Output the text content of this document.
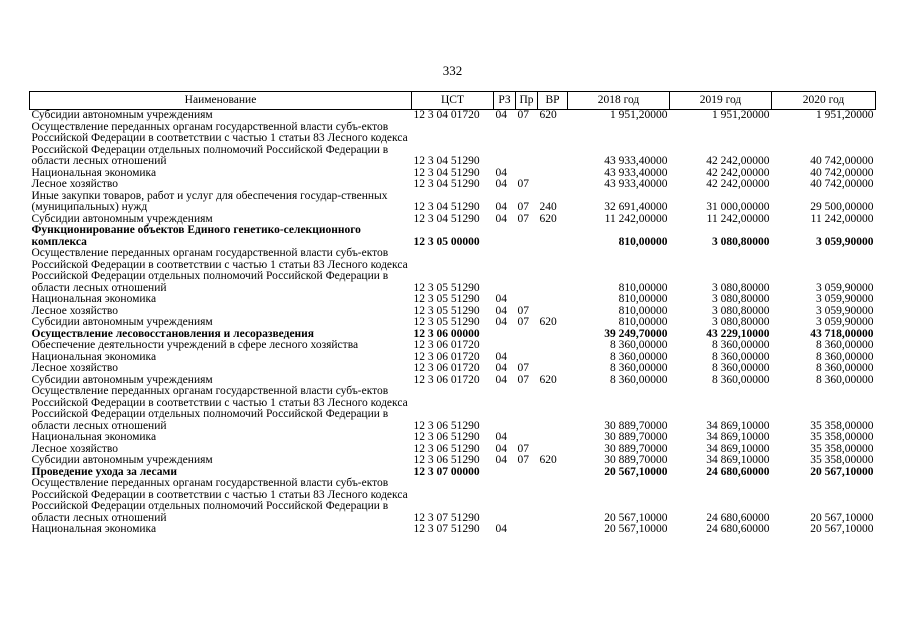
332
Наименование	ЦСТ	РЗ	Пр	ВР	2018 год	2019 год	2020 год
Субсидии автономным учреждениям	12 3 04 01720	04	07	620	1 951,20000	1 951,20000	1 951,20000
Осуществление переданных органам государственной власти субъ-ектов Российской Федерации в соответствии с частью 1 статьи 83 Лесного кодекса Российской Федерации отдельных полномочий Российской Федерации в области лесных отношений	12 3 04 51290				43 933,40000	42 242,00000	40 742,00000
Национальная экономика	12 3 04 51290	04			43 933,40000	42 242,00000	40 742,00000
Лесное хозяйство	12 3 04 51290	04	07		43 933,40000	42 242,00000	40 742,00000
Иные закупки товаров, работ и услуг для обеспечения государ-ственных (муниципальных) нужд	12 3 04 51290	04	07	240	32 691,40000	31 000,00000	29 500,00000
Субсидии автономным учреждениям	12 3 04 51290	04	07	620	11 242,00000	11 242,00000	11 242,00000
Функционирование объектов Единого генетико-селекционного комплекса	12 3 05 00000				810,00000	3 080,80000	3 059,90000
Осуществление переданных органам государственной власти субъ-ектов Российской Федерации в соответствии с частью 1 статьи 83 Лесного кодекса Российской Федерации отдельных полномочий Российской Федерации в области лесных отношений	12 3 05 51290				810,00000	3 080,80000	3 059,90000
Национальная экономика	12 3 05 51290	04			810,00000	3 080,80000	3 059,90000
Лесное хозяйство	12 3 05 51290	04	07		810,00000	3 080,80000	3 059,90000
Субсидии автономным учреждениям	12 3 05 51290	04	07	620	810,00000	3 080,80000	3 059,90000
Осуществление лесовосстановления и лесоразведения	12 3 06 00000				39 249,70000	43 229,10000	43 718,00000
Обеспечение деятельности учреждений в сфере лесного хозяйства	12 3 06 01720				8 360,00000	8 360,00000	8 360,00000
Национальная экономика	12 3 06 01720	04			8 360,00000	8 360,00000	8 360,00000
Лесное хозяйство	12 3 06 01720	04	07		8 360,00000	8 360,00000	8 360,00000
Субсидии автономным учреждениям	12 3 06 01720	04	07	620	8 360,00000	8 360,00000	8 360,00000
Осуществление переданных органам государственной власти субъ-ектов Российской Федерации в соответствии с частью 1 статьи 83 Лесного кодекса Российской Федерации отдельных полномочий Российской Федерации в области лесных отношений	12 3 06 51290				30 889,70000	34 869,10000	35 358,00000
Национальная экономика	12 3 06 51290	04			30 889,70000	34 869,10000	35 358,00000
Лесное хозяйство	12 3 06 51290	04	07		30 889,70000	34 869,10000	35 358,00000
Субсидии автономным учреждениям	12 3 06 51290	04	07	620	30 889,70000	34 869,10000	35 358,00000
Проведение ухода за лесами	12 3 07 00000				20 567,10000	24 680,60000	20 567,10000
Осуществление переданных органам государственной власти субъ-ектов Российской Федерации в соответствии с частью 1 статьи 83 Лесного кодекса Российской Федерации отдельных полномочий Российской Федерации в области лесных отношений	12 3 07 51290				20 567,10000	24 680,60000	20 567,10000
Национальная экономика	12 3 07 51290	04			20 567,10000	24 680,60000	20 567,10000
